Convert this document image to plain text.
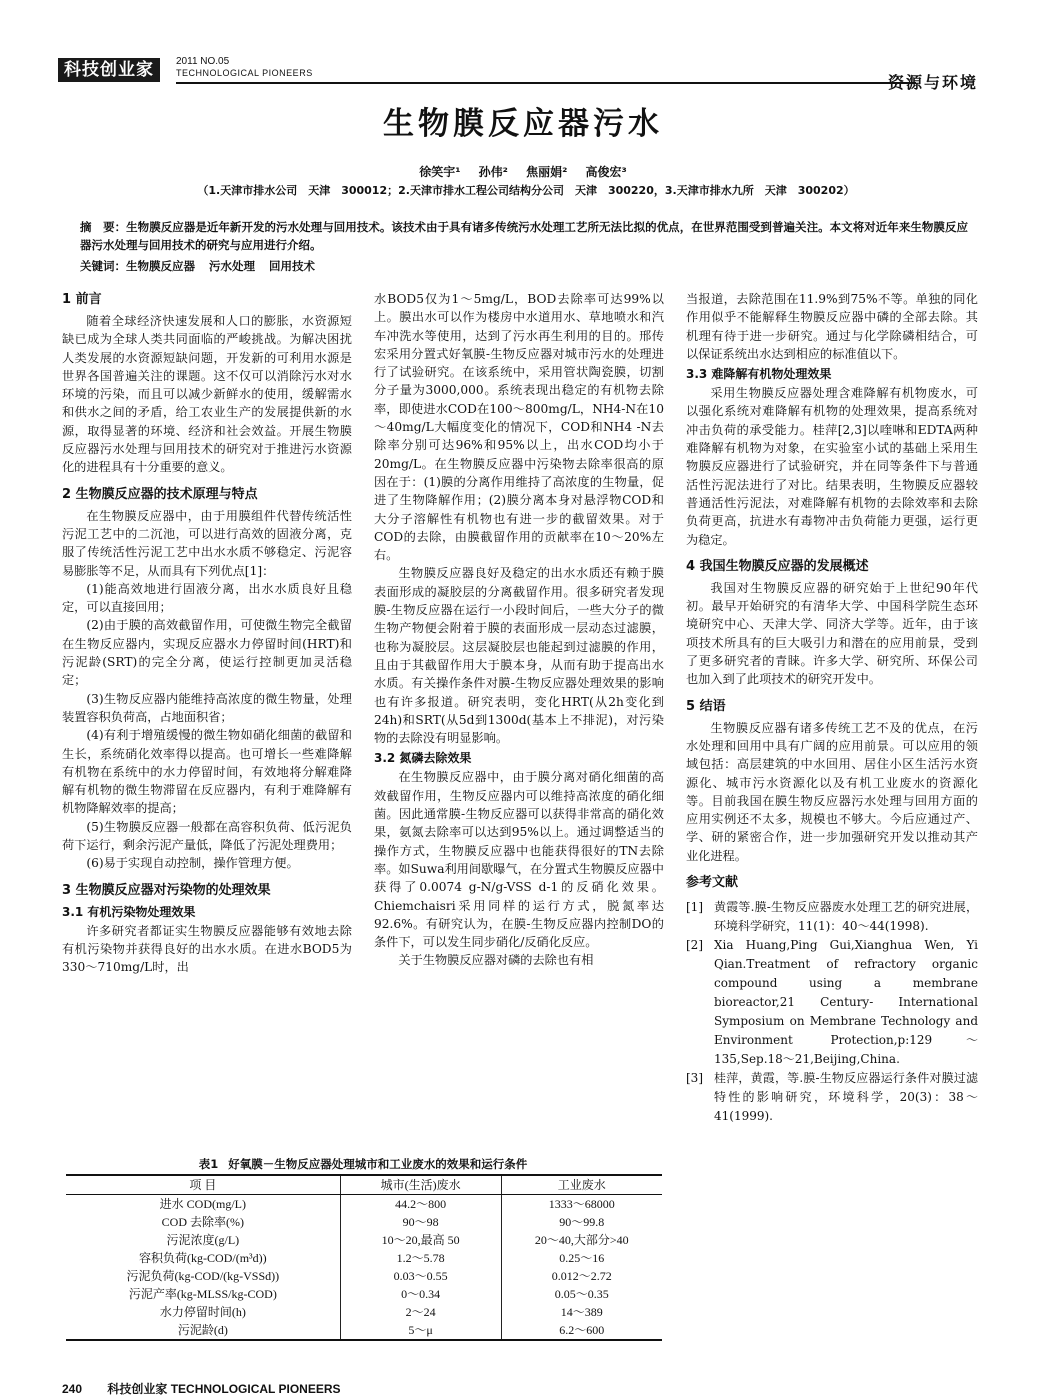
科技创业家	2011 NO.05
TECHNOLOGICAL PIONEERS	资源与环境
生物膜反应器污水
徐笑宇¹ 孙伟² 焦丽娟² 高俊宏³
（1.天津市排水公司　天津　300012；2.天津市排水工程公司结构分公司　天津　300220，3.天津市排水九所　天津　300202）
摘　要：生物膜反应器是近年新开发的污水处理与回用技术。该技术由于具有诸多传统污水处理工艺所无法比拟的优点，在世界范围受到普遍关注。本文将对近年来生物膜反应器污水处理与回用技术的研究与应用进行介绍。
关键词：生物膜反应器 污水处理 回用技术
1 前言

随着全球经济快速发展和人口的膨胀，水资源短缺已成为全球人类共同面临的严峻挑战。为解决困扰人类发展的水资源短缺问题，开发新的可利用水源是世界各国普遍关注的课题。这不仅可以消除污水对水环境的污染，而且可以减少新鲜水的使用，缓解需水和供水之间的矛盾，给工农业生产的发展提供新的水源，取得显著的环境、经济和社会效益。开展生物膜反应器污水处理与回用技术的研究对于推进污水资源化的进程具有十分重要的意义。

2 生物膜反应器的技术原理与特点

在生物膜反应器中，由于用膜组件代替传统活性污泥工艺中的二沉池，可以进行高效的固液分离，克服了传统活性污泥工艺中出水水质不够稳定、污泥容易膨胀等不足，从而具有下列优点[1]：

(1)能高效地进行固液分离，出水水质良好且稳定，可以直接回用；

(2)由于膜的高效截留作用，可使微生物完全截留在生物反应器内，实现反应器水力停留时间(HRT)和污泥龄(SRT)的完全分离，使运行控制更加灵活稳定；

(3)生物反应器内能维持高浓度的微生物量，处理装置容积负荷高，占地面积省；

(4)有利于增殖缓慢的微生物如硝化细菌的截留和生长，系统硝化效率得以提高。也可增长一些难降解有机物在系统中的水力停留时间，有效地将分解难降解有机物的微生物滞留在反应器内，有利于难降解有机物降解效率的提高；

(5)生物膜反应器一般都在高容积负荷、低污泥负荷下运行，剩余污泥产量低，降低了污泥处理费用；

(6)易于实现自动控制，操作管理方便。

3 生物膜反应器对污染物的处理效果
3.1 有机污染物处理效果

许多研究者都证实生物膜反应器能够有效地去除有机污染物并获得良好的出水水质。在进水BOD5为330～710mg/L时，出

水BOD5仅为1～5mg/L，BOD去除率可达99%以上。膜出水可以作为楼房中水道用水、草地喷水和汽车冲洗水等使用，达到了污水再生利用的目的。邢传宏采用分置式好氧膜-生物反应器对城市污水的处理进行了试验研究。在该系统中，采用管状陶瓷膜，切割分子量为3000,000。系统表现出稳定的有机物去除率，即使进水COD在100～800mg/L，NH4-N在10～40mg/L大幅度变化的情况下，COD和NH4 -N去除率分别可达96%和95%以上，出水COD均小于20mg/L。在生物膜反应器中污染物去除率很高的原因在于：(1)膜的分离作用维持了高浓度的生物量，促进了生物降解作用；(2)膜分离本身对悬浮物COD和大分子溶解性有机物也有进一步的截留效果。对于COD的去除，由膜截留作用的贡献率在10～20%左右。

生物膜反应器良好及稳定的出水水质还有赖于膜表面形成的凝胶层的分离截留作用。很多研究者发现膜-生物反应器在运行一小段时间后，一些大分子的微生物产物便会附着于膜的表面形成一层动态过滤膜，也称为凝胶层。这层凝胶层也能起到过滤膜的作用，且由于其截留作用大于膜本身，从而有助于提高出水水质。有关操作条件对膜-生物反应器处理效果的影响也有许多报道。研究表明，变化HRT(从2h变化到24h)和SRT(从5d到1300d(基本上不排泥)，对污染物的去除没有明显影响。

3.2 氮磷去除效果

在生物膜反应器中，由于膜分离对硝化细菌的高效截留作用，生物反应器内可以维持高浓度的硝化细菌。因此通常膜-生物反应器可以获得非常高的硝化效果，氨氮去除率可以达到95%以上。通过调整适当的操作方式，生物膜反应器中也能获得很好的TN去除率。如Suwa利用间歇曝气，在分置式生物膜反应器中获得了0.0074 g-N/g-VSS d-1的反硝化效果。Chiemchaisri采用同样的运行方式，脱氮率达92.6%。有研究认为，在膜-生物反应器内控制DO的条件下，可以发生同步硝化/反硝化反应。

关于生物膜反应器对磷的去除也有相

当报道，去除范围在11.9%到75%不等。单独的同化作用似乎不能解释生物膜反应器中磷的全部去除。其机理有待于进一步研究。通过与化学除磷相结合，可以保证系统出水达到相应的标准值以下。

3.3 难降解有机物处理效果

采用生物膜反应器处理含难降解有机物废水，可以强化系统对难降解有机物的处理效果，提高系统对冲击负荷的承受能力。桂萍[2,3]以喹啉和EDTA两种难降解有机物为对象，在实验室小试的基础上采用生物膜反应器进行了试验研究，并在同等条件下与普通活性污泥法进行了对比。结果表明，生物膜反应器较普通活性污泥法，对难降解有机物的去除效率和去除负荷更高，抗进水有毒物冲击负荷能力更强，运行更为稳定。

4 我国生物膜反应器的发展概述

我国对生物膜反应器的研究始于上世纪90年代初。最早开始研究的有清华大学、中国科学院生态环境研究中心、天津大学、同济大学等。近年，由于该项技术所具有的巨大吸引力和潜在的应用前景，受到了更多研究者的青睐。许多大学、研究所、环保公司也加入到了此项技术的研究开发中。

5 结语

生物膜反应器有诸多传统工艺不及的优点，在污水处理和回用中具有广阔的应用前景。可以应用的领域包括：高层建筑的中水回用、居住小区生活污水资源化、城市污水资源化以及有机工业废水的资源化等。目前我国在膜生物反应器污水处理与回用方面的应用实例还不太多，规模也不够大。今后应通过产、学、研的紧密合作，进一步加强研究开发以推动其产业化进程。

参考文献
[1] 黄霞等.膜-生物反应器废水处理工艺的研究进展，环境科学研究，11(1)：40～44(1998).
[2] Xia Huang,Ping Gui,Xianghua Wen, Yi Qian.Treatment of refractory organic compound using a membrane bioreactor,21 Century- International Symposium on Membrane Technology and Environment Protection,p:129～135,Sep.18～21,Beijing,China.
[3] 桂萍，黄霞，等.膜-生物反应器运行条件对膜过滤特性的影响研究，环境科学，20(3)：38～41(1999).
表1 好氧膜－生物反应器处理城市和工业废水的效果和运行条件
项 目	城市(生活)废水	工业废水
进水 COD(mg/L)	44.2～800	1333～68000
COD 去除率(%)	90～98	90～99.8
污泥浓度(g/L)	10～20,最高 50	20～40,大部分>40
容积负荷(kg-COD/(m³d))	1.2～5.78	0.25～16
污泥负荷(kg-COD/(kg-VSSd))	0.03～0.55	0.012～2.72
污泥产率(kg-MLSS/kg-COD)	0～0.34	0.05～0.35
水力停留时间(h)	2～24	14～389
污泥龄(d)	5～μ	6.2～600
240 科技创业家 TECHNOLOGICAL PIONEERS
